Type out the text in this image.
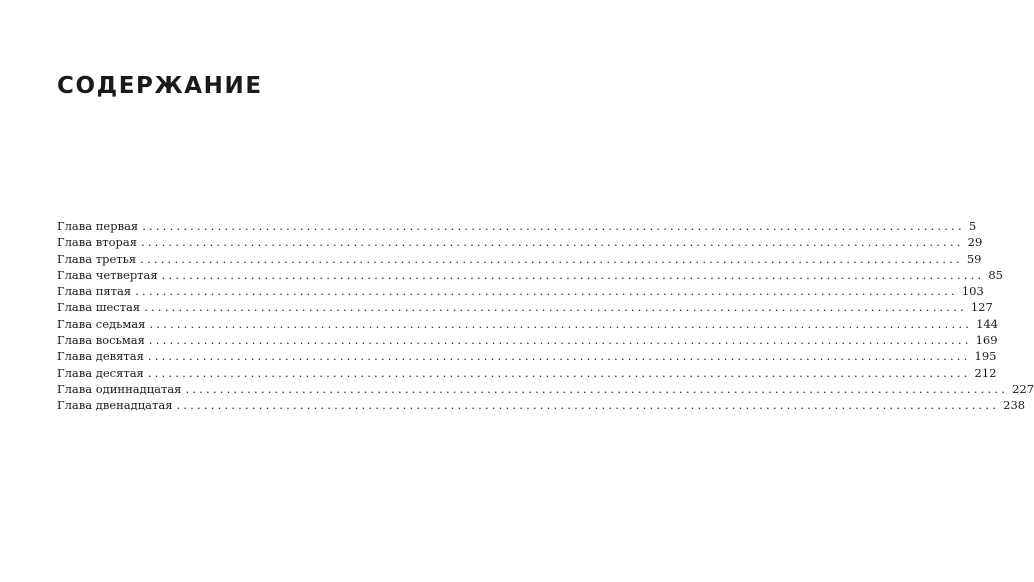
СОДЕРЖАНИЕ
Глава первая ........................................................................................................................ 5
Глава вторая ........................................................................................................................ 29
Глава третья ........................................................................................................................ 59
Глава четвертая ........................................................................................................................ 85
Глава пятая ........................................................................................................................ 103
Глава шестая ........................................................................................................................ 127
Глава седьмая ........................................................................................................................ 144
Глава восьмая ........................................................................................................................ 169
Глава девятая ........................................................................................................................ 195
Глава десятая ........................................................................................................................ 212
Глава одиннадцатая ........................................................................................................................ 227
Глава двенадцатая ........................................................................................................................ 238
